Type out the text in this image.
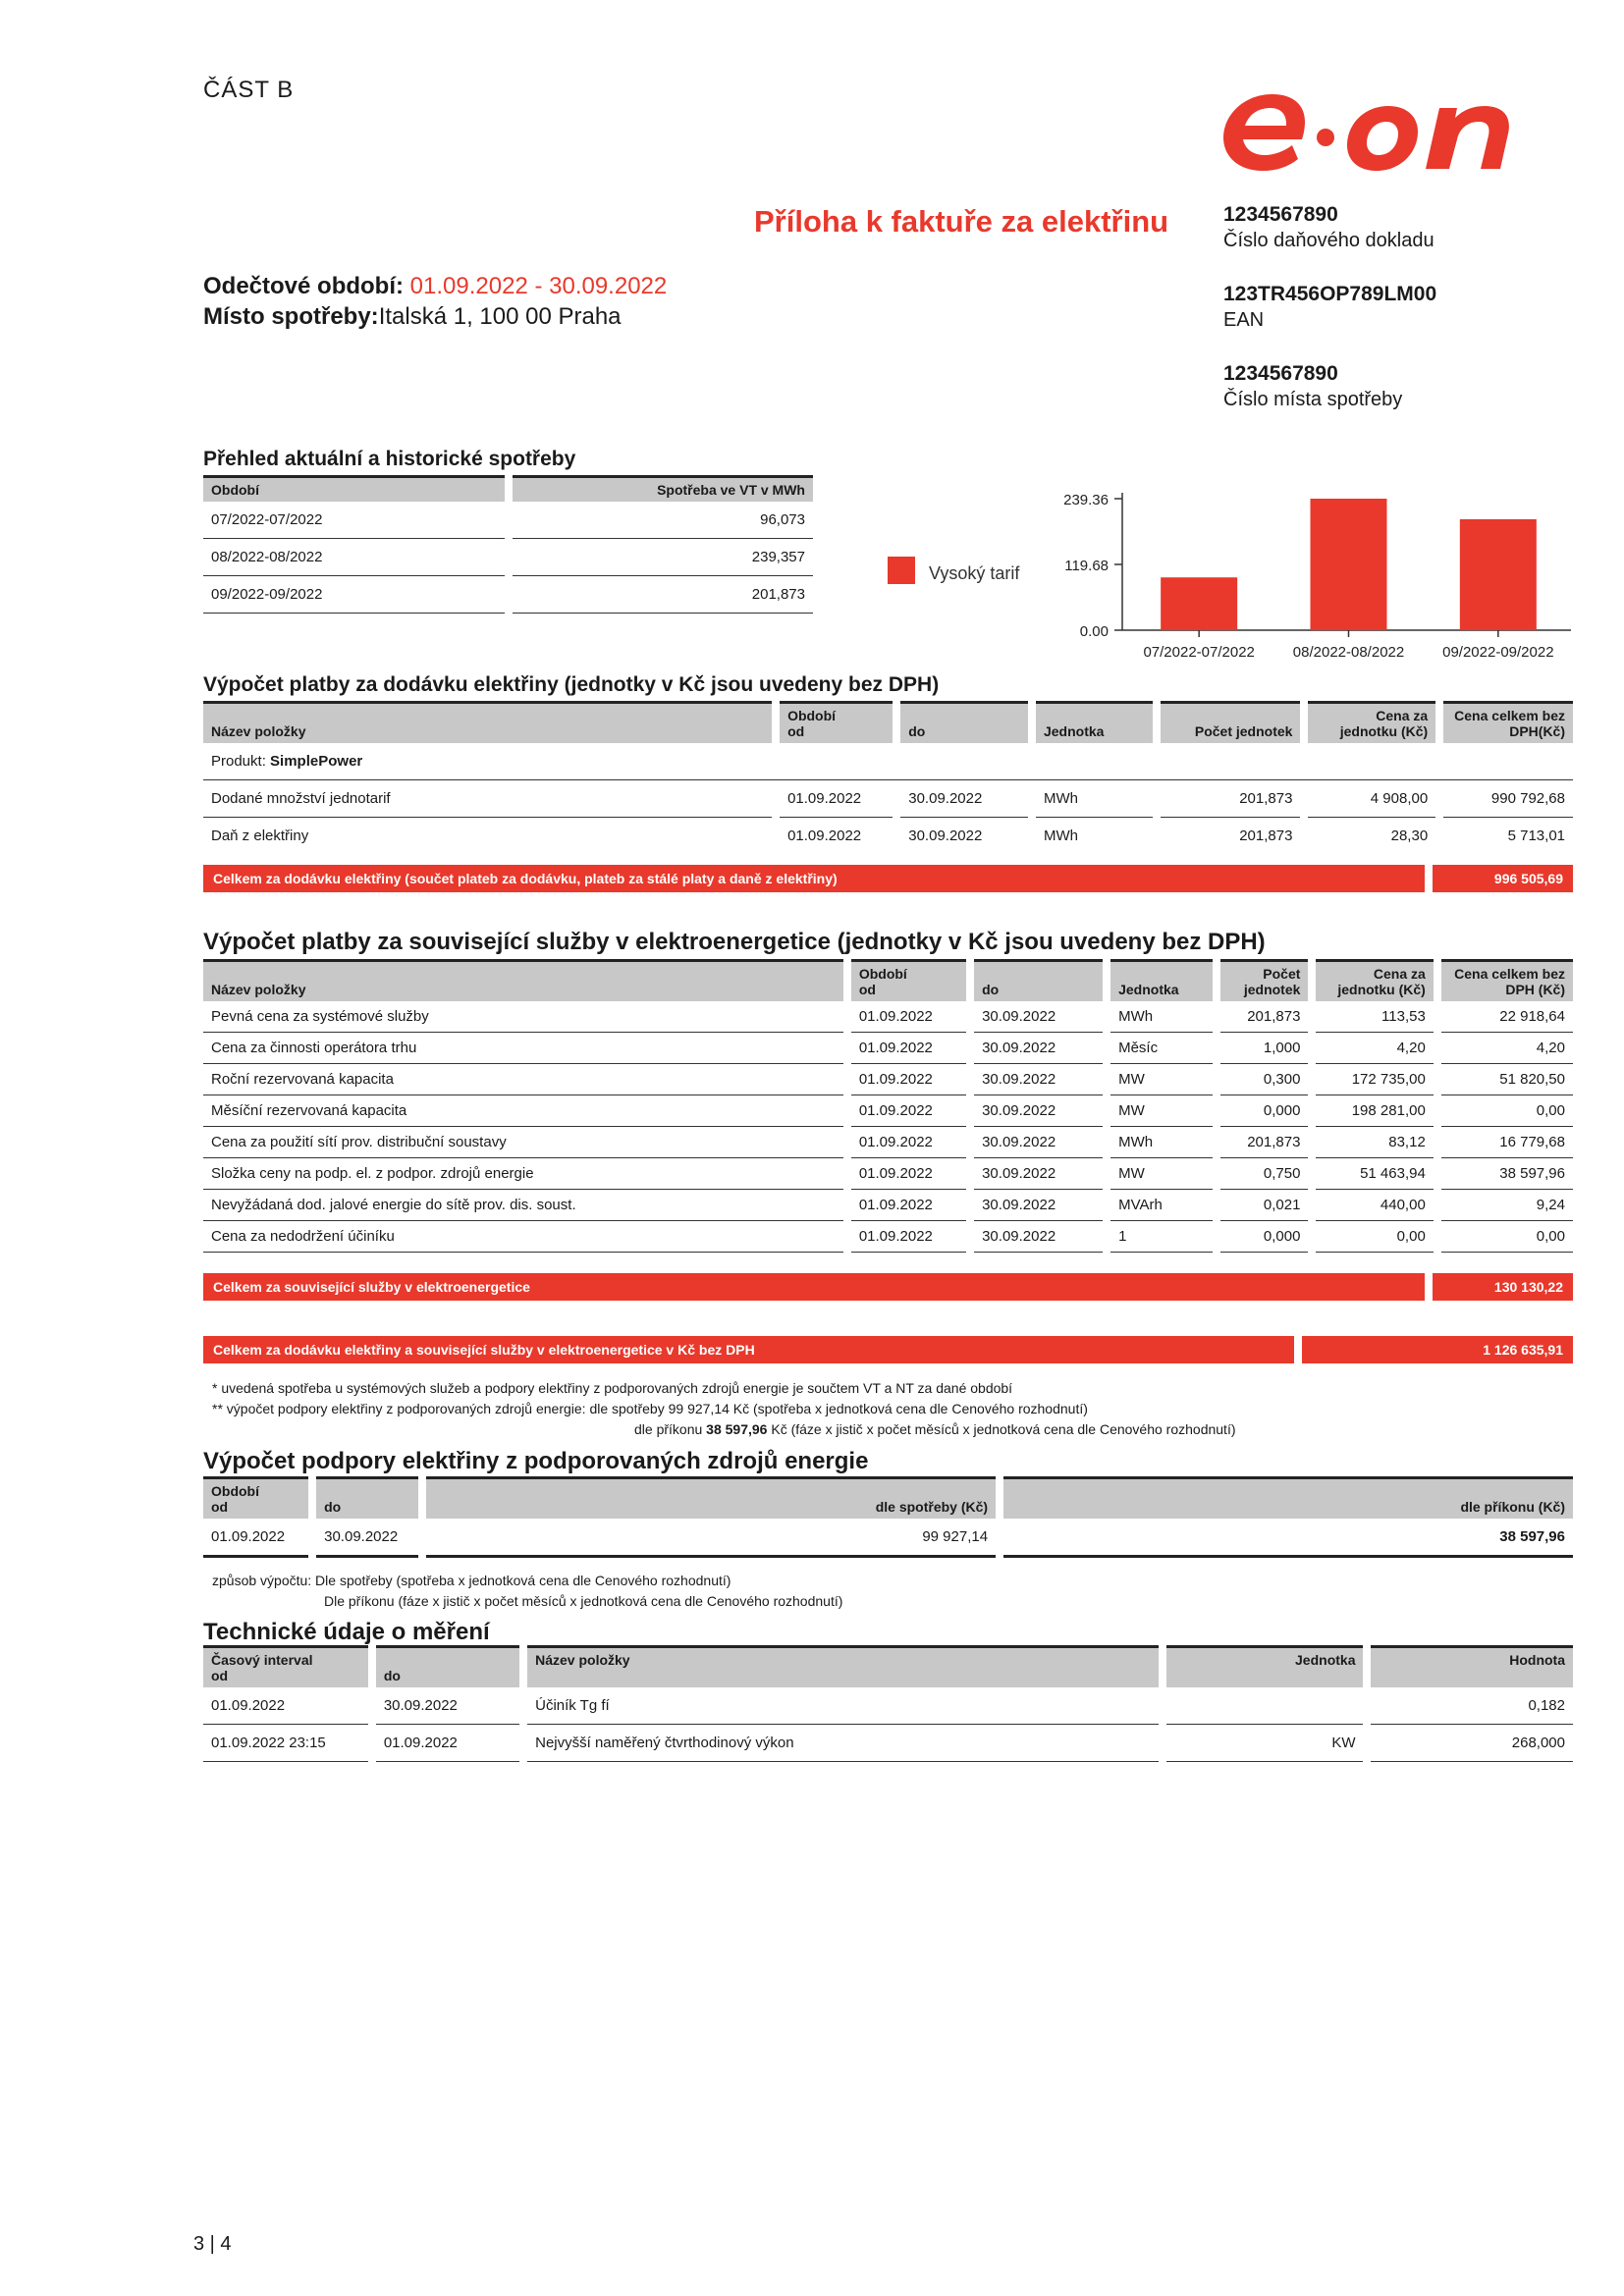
ČÁST B
Příloha k faktuře za elektřinu	1234567890
Číslo daňového dokladu
123TR456OP789LM00
EAN
1234567890
Číslo místa spotřeby
Odečtové období: 01.09.2022 - 30.09.2022
Místo spotřeby:Italská 1, 100 00 Praha
Přehled aktuální a historické spotřeby
Období	Spotřeba ve VT v MWh
07/2022-07/2022	96,073
08/2022-08/2022	239,357
09/2022-09/2022	201,873
Vysoký tarif
0.00
119.68
239.36
07/2022-07/2022	08/2022-08/2022	09/2022-09/2022
Výpočet platby za dodávku elektřiny (jednotky v Kč jsou uvedeny bez DPH)
Název položky	Období
od	do	Jednotka	Počet jednotek	Cena za jednotku (Kč)	Cena celkem bez DPH(Kč)
Produkt: SimplePower						
Dodané množství jednotarif	01.09.2022	30.09.2022	MWh	201,873	4 908,00	990 792,68
Daň z elektřiny	01.09.2022	30.09.2022	MWh	201,873	28,30	5 713,01
Celkem za dodávku elektřiny (součet plateb za dodávku, plateb za stálé platy a daně z elektřiny)	996 505,69
Výpočet platby za související služby v elektroenergetice (jednotky v Kč jsou uvedeny bez DPH)
Název položky	Období
od	do	Jednotka	Počet jednotek	Cena za jednotku (Kč)	Cena celkem bez DPH (Kč)
Pevná cena za systémové služby	01.09.2022	30.09.2022	MWh	201,873	113,53	22 918,64
Cena za činnosti operátora trhu	01.09.2022	30.09.2022	Měsíc	1,000	4,20	4,20
Roční rezervovaná kapacita	01.09.2022	30.09.2022	MW	0,300	172 735,00	51 820,50
Měsíční rezervovaná kapacita	01.09.2022	30.09.2022	MW	0,000	198 281,00	0,00
Cena za použití sítí prov. distribuční soustavy	01.09.2022	30.09.2022	MWh	201,873	83,12	16 779,68
Složka ceny na podp. el. z podpor. zdrojů energie	01.09.2022	30.09.2022	MW	0,750	51 463,94	38 597,96
Nevyžádaná dod. jalové energie do sítě prov. dis. soust.	01.09.2022	30.09.2022	MVArh	0,021	440,00	9,24
Cena za nedodržení účiníku	01.09.2022	30.09.2022	1	0,000	0,00	0,00
Celkem za související služby v elektroenergetice	130 130,22
Celkem za dodávku elektřiny a související služby v elektroenergetice v Kč bez DPH	1 126 635,91
* uvedená spotřeba u systémových služeb a podpory elektřiny z podporovaných zdrojů energie je součtem VT a NT za dané období
** výpočet podpory elektřiny z podporovaných zdrojů energie: dle spotřeby 99 927,14 Kč (spotřeba x jednotková cena dle Cenového rozhodnutí)
dle příkonu 38 597,96 Kč (fáze x jistič x počet měsíců x jednotková cena dle Cenového rozhodnutí)
Výpočet podpory elektřiny z podporovaných zdrojů energie
Období
od	do	dle spotřeby (Kč)	dle příkonu (Kč)
01.09.2022	30.09.2022	99 927,14	38 597,96
způsob výpočtu: Dle spotřeby (spotřeba x jednotková cena dle Cenového rozhodnutí)
Dle příkonu (fáze x jistič x počet měsíců x jednotková cena dle Cenového rozhodnutí)
Technické údaje o měření
Časový interval
od	do	Název položky	Jednotka	Hodnota
01.09.2022	30.09.2022	Účiník Tg fí		0,182
01.09.2022 23:15	01.09.2022	Nejvyšší naměřený čtvrthodinový výkon	KW	268,000
3 | 4
